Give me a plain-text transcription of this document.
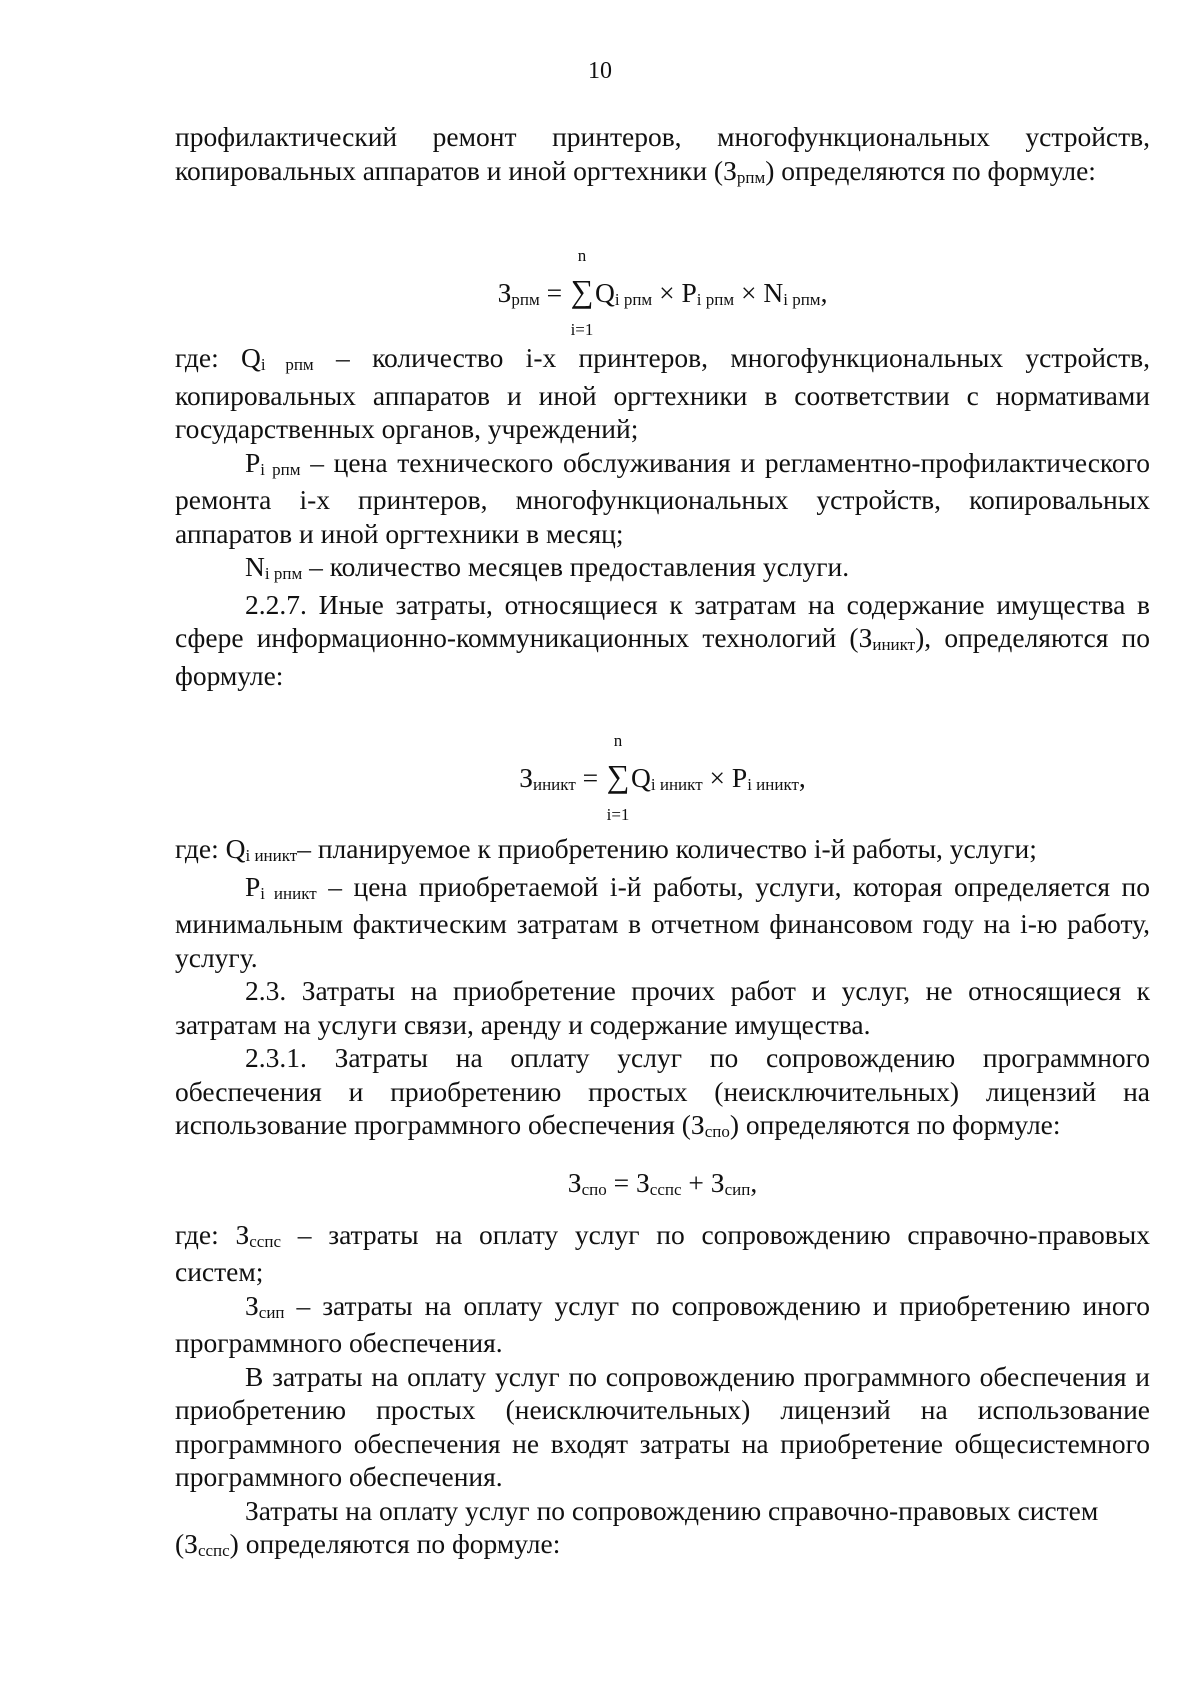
10

профилактический ремонт принтеров, многофункциональных устройств, копировальных аппаратов и иной оргтехники (Зрпм) определяются по формуле:

Зрпм =
n
∑
i=1
Qi рпм × Pi рпм × Ni рпм,

где: Qi рпм – количество i-х принтеров, многофункциональных устройств, копировальных аппаратов и иной оргтехники в соответствии с нормативами государственных органов, учреждений;

Pi рпм – цена технического обслуживания и регламентно-профилактического ремонта i-х принтеров, многофункциональных устройств, копировальных аппаратов и иной оргтехники в месяц;

Ni рпм – количество месяцев предоставления услуги.

2.2.7. Иные затраты, относящиеся к затратам на содержание имущества в сфере информационно-коммуникационных технологий (Зиникт), определяются по формуле:

Зиникт =
n
∑
i=1
Qi иникт × Pi иникт,

где: Qi иникт– планируемое к приобретению количество i-й работы, услуги;

Pi иникт – цена приобретаемой i-й работы, услуги, которая определяется по минимальным фактическим затратам в отчетном финансовом году на i-ю работу, услугу.

2.3. Затраты на приобретение прочих работ и услуг, не относящиеся к затратам на услуги связи, аренду и содержание имущества.

2.3.1. Затраты на оплату услуг по сопровождению программного обеспечения и приобретению простых (неисключительных) лицензий на использование программного обеспечения (Зспо) определяются по формуле:

Зспо = Зсспс + Зсип,

где: Зсспс – затраты на оплату услуг по сопровождению справочно-правовых систем;

Зсип – затраты на оплату услуг по сопровождению и приобретению иного программного обеспечения.

В затраты на оплату услуг по сопровождению программного обеспечения и приобретению простых (неисключительных) лицензий на использование программного обеспечения не входят затраты на приобретение общесистемного программного обеспечения.

Затраты на оплату услуг по сопровождению справочно-правовых систем

(Зсспс) определяются по формуле:
